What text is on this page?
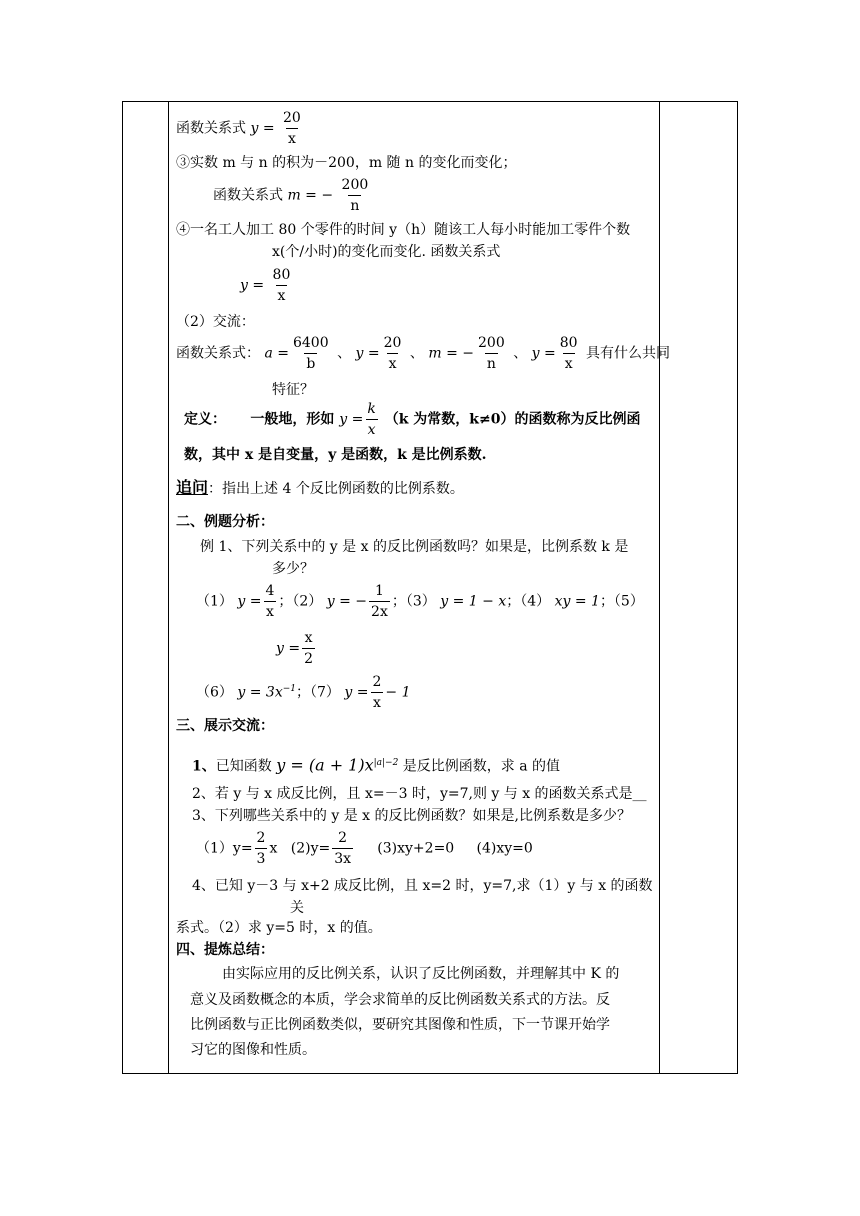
函数关系式 $y = \frac{20}{x}$
③实数 m 与 n 的积为－200，m 随 n 的变化而变化；
函数关系式 m = − $\frac{200}{n}$
④一名工人加工 80 个零件的时间 y（h）随该工人每小时能加工零件个数
x(个/小时)的变化而变化. 函数关系式
$y = \frac{80}{x}$
（2）交流：
函数关系式： $a = \frac{6400}{b}$ 、 $y = \frac{20}{x}$ 、 m = − $\frac{200}{n}$ 、 $y = \frac{80}{x}$ 具有什么共同
特征？
定义： 一般地，形如 $y = \frac{k}{x} (k$ 为常数，k≠0）的函数称为反比例函
数，其中 x 是自变量，y 是函数，k 是比例系数.
追问：指出上述 4 个反比例函数的比例系数。
二、例题分析：
例 1、下列关系中的 y 是 x 的反比例函数吗？如果是，比例系数 k 是
多少？
（1） $y = \frac{4}{x}$ ；（2） y = − $\frac{1}{2x}$ ；（3） y = 1 − x；（4） xy = 1；（5）
$y = \frac{x}{2}$
（6） $y = 3x^{-1}$；（7） $y = \frac{2}{x} - 1$
三、展示交流：
1、已知函数 $y = (a + 1)x^{|a|-2}$ 是反比例函数，求 a 的值
2、若 y 与 x 成反比例，且 x=－3 时，y=7,则 y 与 x 的函数关系式是__
3、下列哪些关系中的 y 是 x 的反比例函数？如果是,比例系数是多少？
$(1)y= \frac{2}{3}$ x $(2)y= \frac{2}{3x} (3)xy+2=0$ (4)xy=0
4、已知 y－3 与 x+2 成反比例，且 x=2 时，y=7,求（1）y 与 x 的函数
关
系式。（2）求 y=5 时，x 的值。
四、提炼总结：
由实际应用的反比例关系，认识了反比例函数，并理解其中 K 的
意义及函数概念的本质，学会求简单的反比例函数关系式的方法。反
比例函数与正比例函数类似，要研究其图像和性质，下一节课开始学
习它的图像和性质。
